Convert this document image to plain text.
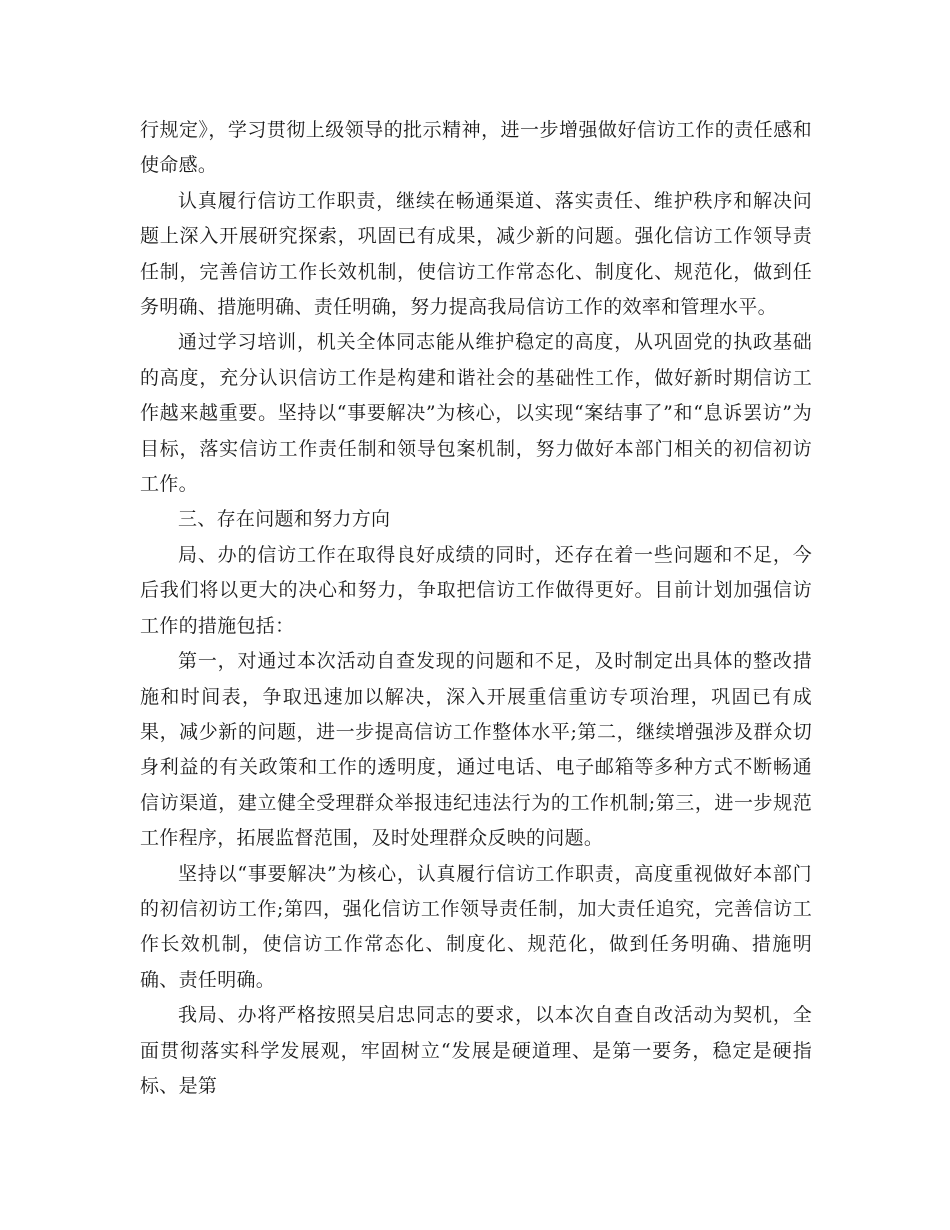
行规定》，学习贯彻上级领导的批示精神，进一步增强做好信访工作的责任感和使命感。

认真履行信访工作职责，继续在畅通渠道、落实责任、维护秩序和解决问题上深入开展研究探索，巩固已有成果，减少新的问题。强化信访工作领导责任制，完善信访工作长效机制，使信访工作常态化、制度化、规范化，做到任务明确、措施明确、责任明确，努力提高我局信访工作的效率和管理水平。

通过学习培训，机关全体同志能从维护稳定的高度，从巩固党的执政基础的高度，充分认识信访工作是构建和谐社会的基础性工作，做好新时期信访工作越来越重要。坚持以“事要解决”为核心，以实现“案结事了”和“息诉罢访”为目标，落实信访工作责任制和领导包案机制，努力做好本部门相关的初信初访工作。

三、存在问题和努力方向

局、办的信访工作在取得良好成绩的同时，还存在着一些问题和不足，今后我们将以更大的决心和努力，争取把信访工作做得更好。目前计划加强信访工作的措施包括：

第一，对通过本次活动自查发现的问题和不足，及时制定出具体的整改措施和时间表，争取迅速加以解决，深入开展重信重访专项治理，巩固已有成果，减少新的问题，进一步提高信访工作整体水平;第二，继续增强涉及群众切身利益的有关政策和工作的透明度，通过电话、电子邮箱等多种方式不断畅通信访渠道，建立健全受理群众举报违纪违法行为的工作机制;第三，进一步规范工作程序，拓展监督范围，及时处理群众反映的问题。

坚持以“事要解决”为核心，认真履行信访工作职责，高度重视做好本部门的初信初访工作;第四，强化信访工作领导责任制，加大责任追究，完善信访工作长效机制，使信访工作常态化、制度化、规范化，做到任务明确、措施明确、责任明确。

我局、办将严格按照吴启忠同志的要求，以本次自查自改活动为契机，全面贯彻落实科学发展观，牢固树立“发展是硬道理、是第一要务，稳定是硬指标、是第
